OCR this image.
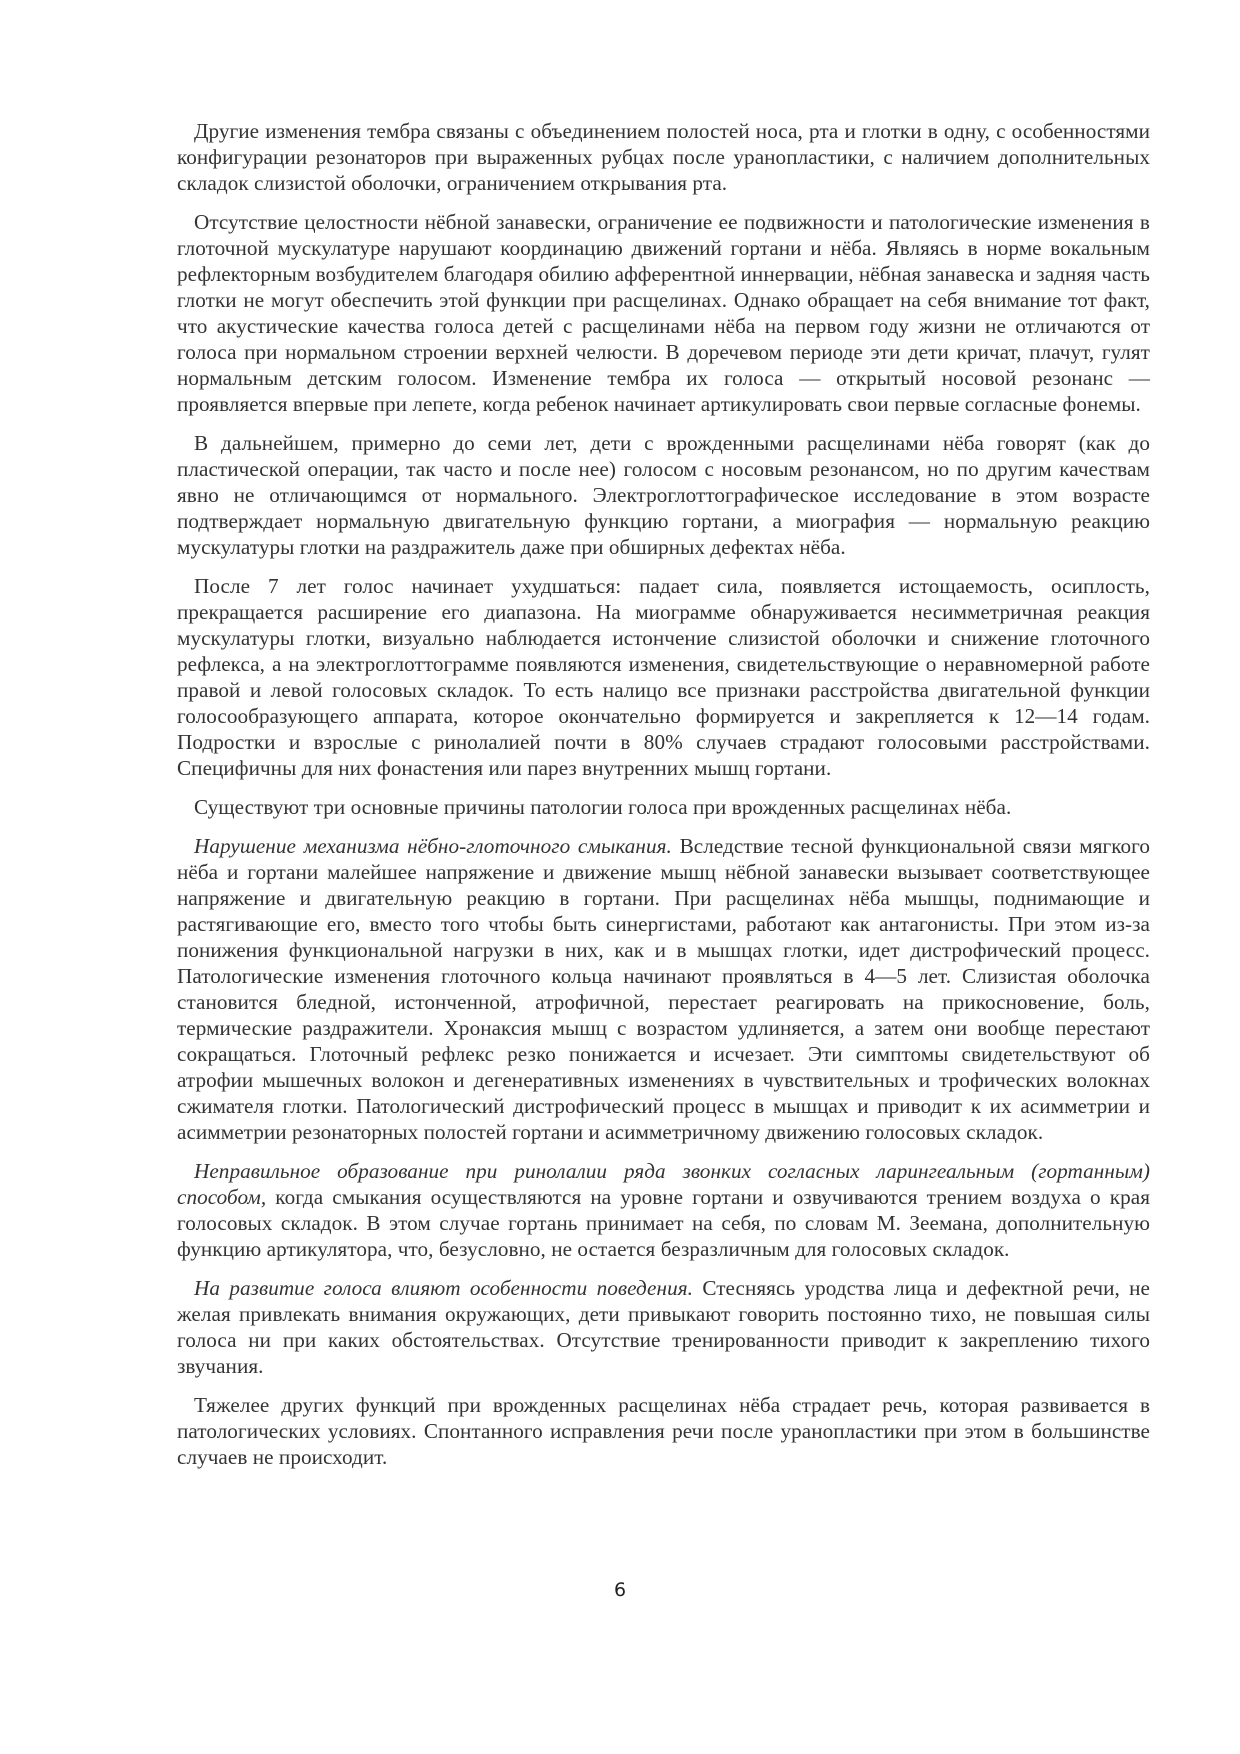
Другие изменения тембра связаны с объединением полостей носа, рта и глотки в одну, с особенностями конфигурации резонаторов при выраженных рубцах после уранопластики, с наличием дополнительных складок слизистой оболочки, ограничением открывания рта.

Отсутствие целостности нёбной занавески, ограничение ее подвижности и патологические изменения в глоточной мускулатуре нарушают координацию движений гортани и нёба. Являясь в норме вокальным рефлекторным возбудителем благодаря обилию афферентной иннервации, нёбная занавеска и задняя часть глотки не могут обеспечить этой функции при расщелинах. Однако обращает на себя внимание тот факт, что акустические качества голоса детей с расщелинами нёба на первом году жизни не отличаются от голоса при нормальном строении верхней челюсти. В доречевом периоде эти дети кричат, плачут, гулят нормальным детским голосом. Изменение тембра их голоса — открытый носовой резонанс — проявляется впервые при лепете, когда ребенок начинает артикулировать свои первые согласные фонемы.

В дальнейшем, примерно до семи лет, дети с врожденными расщелинами нёба говорят (как до пластической операции, так часто и после нее) голосом с носовым резонансом, но по другим качествам явно не отличающимся от нормального. Электроглоттографическое исследование в этом возрасте подтверждает нормальную двигательную функцию гортани, а миография — нормальную реакцию мускулатуры глотки на раздражитель даже при обширных дефектах нёба.

После 7 лет голос начинает ухудшаться: падает сила, появляется истощаемость, осиплость, прекращается расширение его диапазона. На миограмме обнаруживается несимметричная реакция мускулатуры глотки, визуально наблюдается истончение слизистой оболочки и снижение глоточного рефлекса, а на электроглоттограмме появляются изменения, свидетельствующие о неравномерной работе правой и левой голосовых складок. То есть налицо все признаки расстройства двигательной функции голосообразующего аппарата, которое окончательно формируется и закрепляется к 12—14 годам. Подростки и взрослые с ринолалией почти в 80% случаев страдают голосовыми расстройствами. Специфичны для них фонастения или парез внутренних мышц гортани.

Существуют три основные причины патологии голоса при врожденных расщелинах нёба.

Нарушение механизма нёбно-глоточного смыкания. Вследствие тесной функциональной связи мягкого нёба и гортани малейшее напряжение и движение мышц нёбной занавески вызывает соответствующее напряжение и двигательную реакцию в гортани. При расщелинах нёба мышцы, поднимающие и растягивающие его, вместо того чтобы быть синергистами, работают как антагонисты. При этом из-за понижения функциональной нагрузки в них, как и в мышцах глотки, идет дистрофический процесс. Патологические изменения глоточного кольца начинают проявляться в 4—5 лет. Слизистая оболочка становится бледной, истонченной, атрофичной, перестает реагировать на прикосновение, боль, термические раздражители. Хронаксия мышц с возрастом удлиняется, а затем они вообще перестают сокращаться. Глоточный рефлекс резко понижается и исчезает. Эти симптомы свидетельствуют об атрофии мышечных волокон и дегенеративных изменениях в чувствительных и трофических волокнах сжимателя глотки. Патологический дистрофический процесс в мышцах и приводит к их асимметрии и асимметрии резонаторных полостей гортани и асимметричному движению голосовых складок.

Неправильное образование при ринолалии ряда звонких согласных ларингеальным (гортанным) способом, когда смыкания осуществляются на уровне гортани и озвучиваются трением воздуха о края голосовых складок. В этом случае гортань принимает на себя, по словам М. Зеемана, дополнительную функцию артикулятора, что, безусловно, не остается безразличным для голосовых складок.

На развитие голоса влияют особенности поведения. Стесняясь уродства лица и дефектной речи, не желая привлекать внимания окружающих, дети привыкают говорить постоянно тихо, не повышая силы голоса ни при каких обстоятельствах. Отсутствие тренированности приводит к закреплению тихого звучания.

Тяжелее других функций при врожденных расщелинах нёба страдает речь, которая развивается в патологических условиях. Спонтанного исправления речи после уранопластики при этом в большинстве случаев не происходит.

6
